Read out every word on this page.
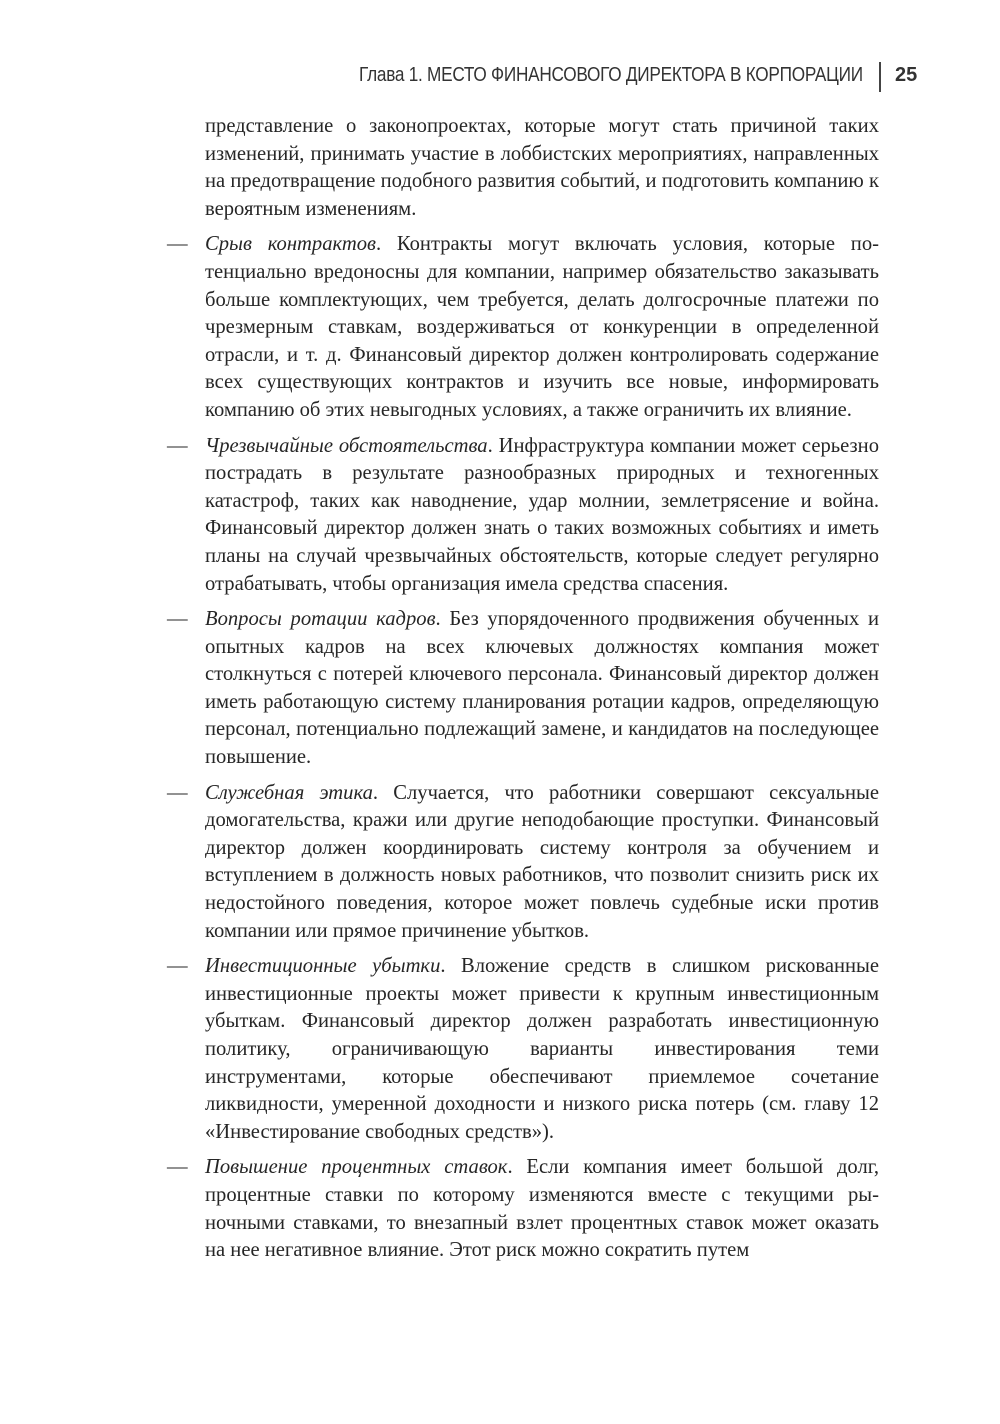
Глава 1. МЕСТО ФИНАНСОВОГО ДИРЕКТОРА В КОРПОРАЦИИ 25

представление о законопроектах, которые могут стать причиной таких изменений, принимать участие в лоббистских мероприятиях, направленных на предотвращение подобного развития событий, и подготовить компанию к вероятным изменениям.

— Срыв контрактов. Контракты могут включать условия, которые потенциально вредоносны для компании, например обязательство заказывать больше комплектующих, чем требуется, делать долгосрочные платежи по чрезмерным ставкам, воздерживаться от конкуренции в определенной отрасли, и т. д. Финансовый директор должен контролировать содержание всех существующих контрактов и изучить все новые, информировать компанию об этих невыгодных условиях, а также ограничить их влияние.

— Чрезвычайные обстоятельства. Инфраструктура компании может серьезно пострадать в результате разнообразных природных и техногенных катастроф, таких как наводнение, удар молнии, землетрясение и война. Финансовый директор должен знать о таких возможных событиях и иметь планы на случай чрезвычайных обстоятельств, которые следует регулярно отрабатывать, чтобы организация имела средства спасения.

— Вопросы ротации кадров. Без упорядоченного продвижения обученных и опытных кадров на всех ключевых должностях компания может столкнуться с потерей ключевого персонала. Финансовый директор должен иметь работающую систему планирования ротации кадров, определяющую персонал, потенциально подлежащий замене, и кандидатов на последующее повышение.

— Служебная этика. Случается, что работники совершают сексуальные домогательства, кражи или другие неподобающие проступки. Финансовый директор должен координировать систему контроля за обучением и вступлением в должность новых работников, что позволит снизить риск их недостойного поведения, которое может повлечь судебные иски против компании или прямое причинение убытков.

— Инвестиционные убытки. Вложение средств в слишком рискованные инвестиционные проекты может привести к крупным инвестиционным убыткам. Финансовый директор должен разработать инвестиционную политику, ограничивающую варианты инвестирования теми инструментами, которые обеспечивают приемлемое сочетание ликвидности, умеренной доходности и низкого риска потерь (см. главу 12 «Инвестирование свободных средств»).

— Повышение процентных ставок. Если компания имеет большой долг, процентные ставки по которому изменяются вместе с текущими рыночными ставками, то внезапный взлет процентных ставок может оказать на нее негативное влияние. Этот риск можно сократить путем
